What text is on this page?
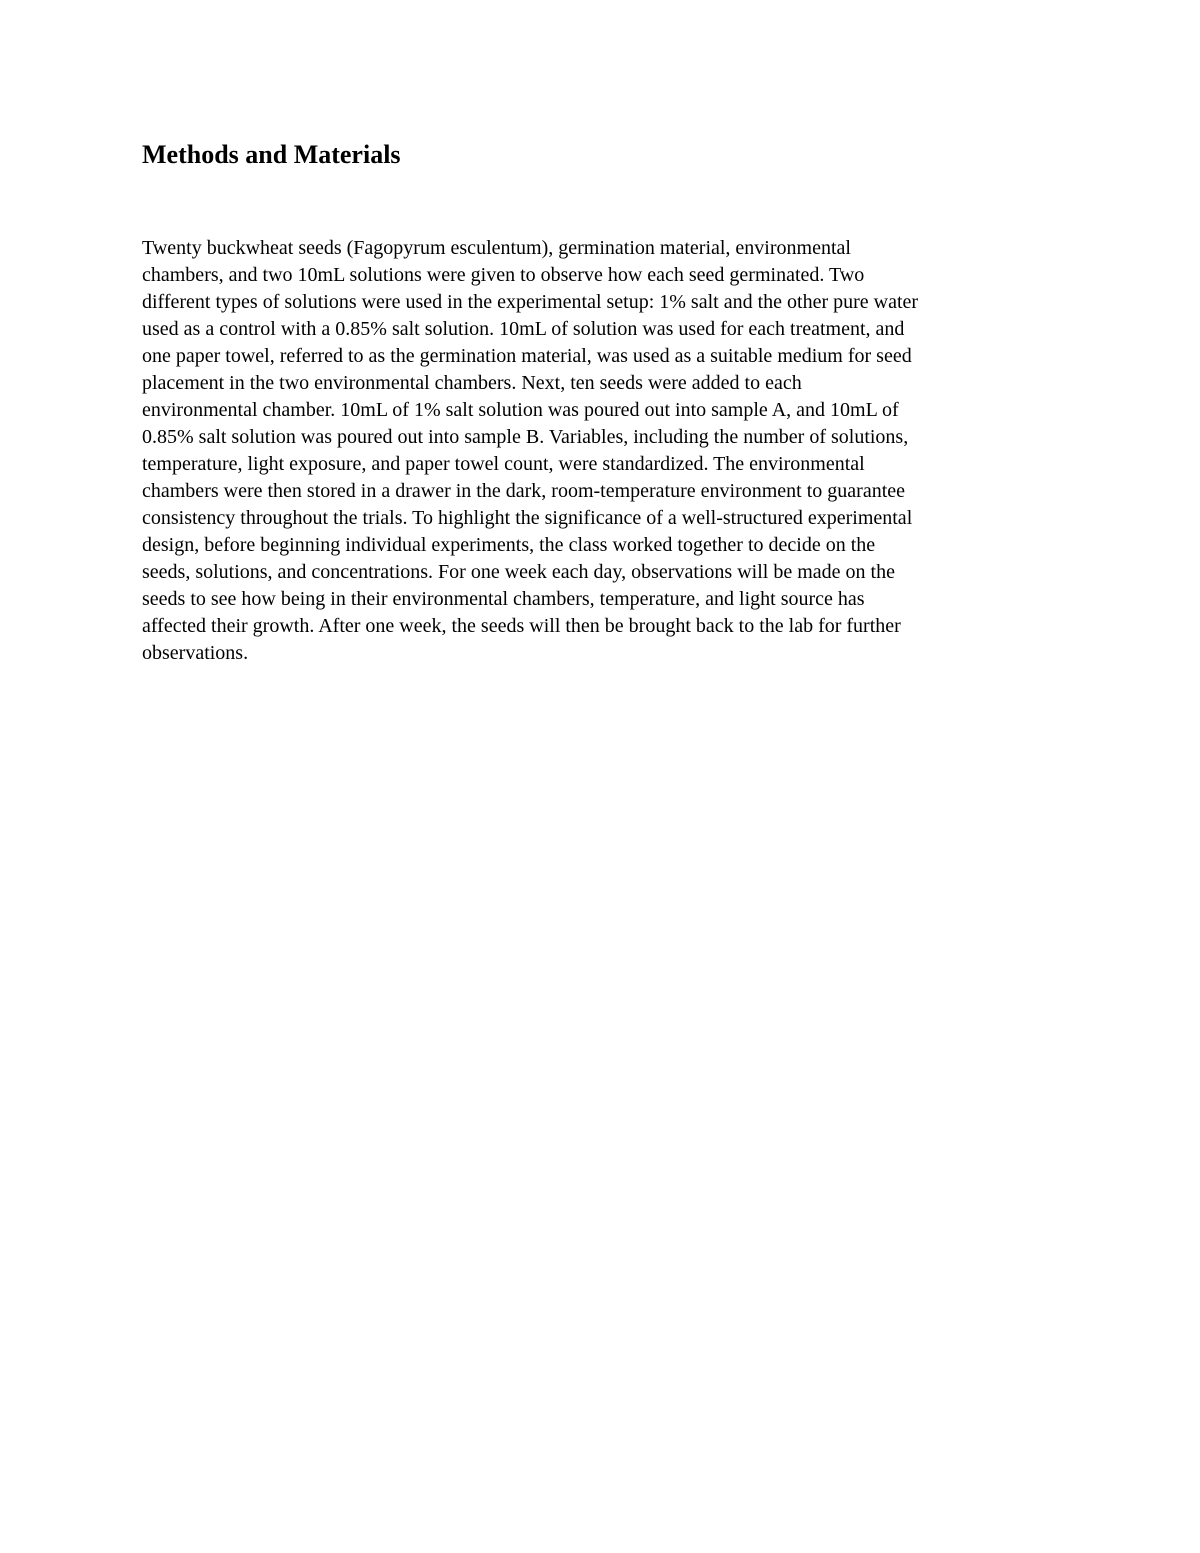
Methods and Materials
Twenty buckwheat seeds (Fagopyrum esculentum), germination material, environmental
chambers, and two 10mL solutions were given to observe how each seed germinated. Two
different types of solutions were used in the experimental setup: 1% salt and the other pure water
used as a control with a 0.85% salt solution. 10mL of solution was used for each treatment, and
one paper towel, referred to as the germination material, was used as a suitable medium for seed
placement in the two environmental chambers. Next, ten seeds were added to each
environmental chamber. 10mL of 1% salt solution was poured out into sample A, and 10mL of
0.85% salt solution was poured out into sample B. Variables, including the number of solutions,
temperature, light exposure, and paper towel count, were standardized. The environmental
chambers were then stored in a drawer in the dark, room-temperature environment to guarantee
consistency throughout the trials. To highlight the significance of a well-structured experimental
design, before beginning individual experiments, the class worked together to decide on the
seeds, solutions, and concentrations. For one week each day, observations will be made on the
seeds to see how being in their environmental chambers, temperature, and light source has
affected their growth. After one week, the seeds will then be brought back to the lab for further
observations.
